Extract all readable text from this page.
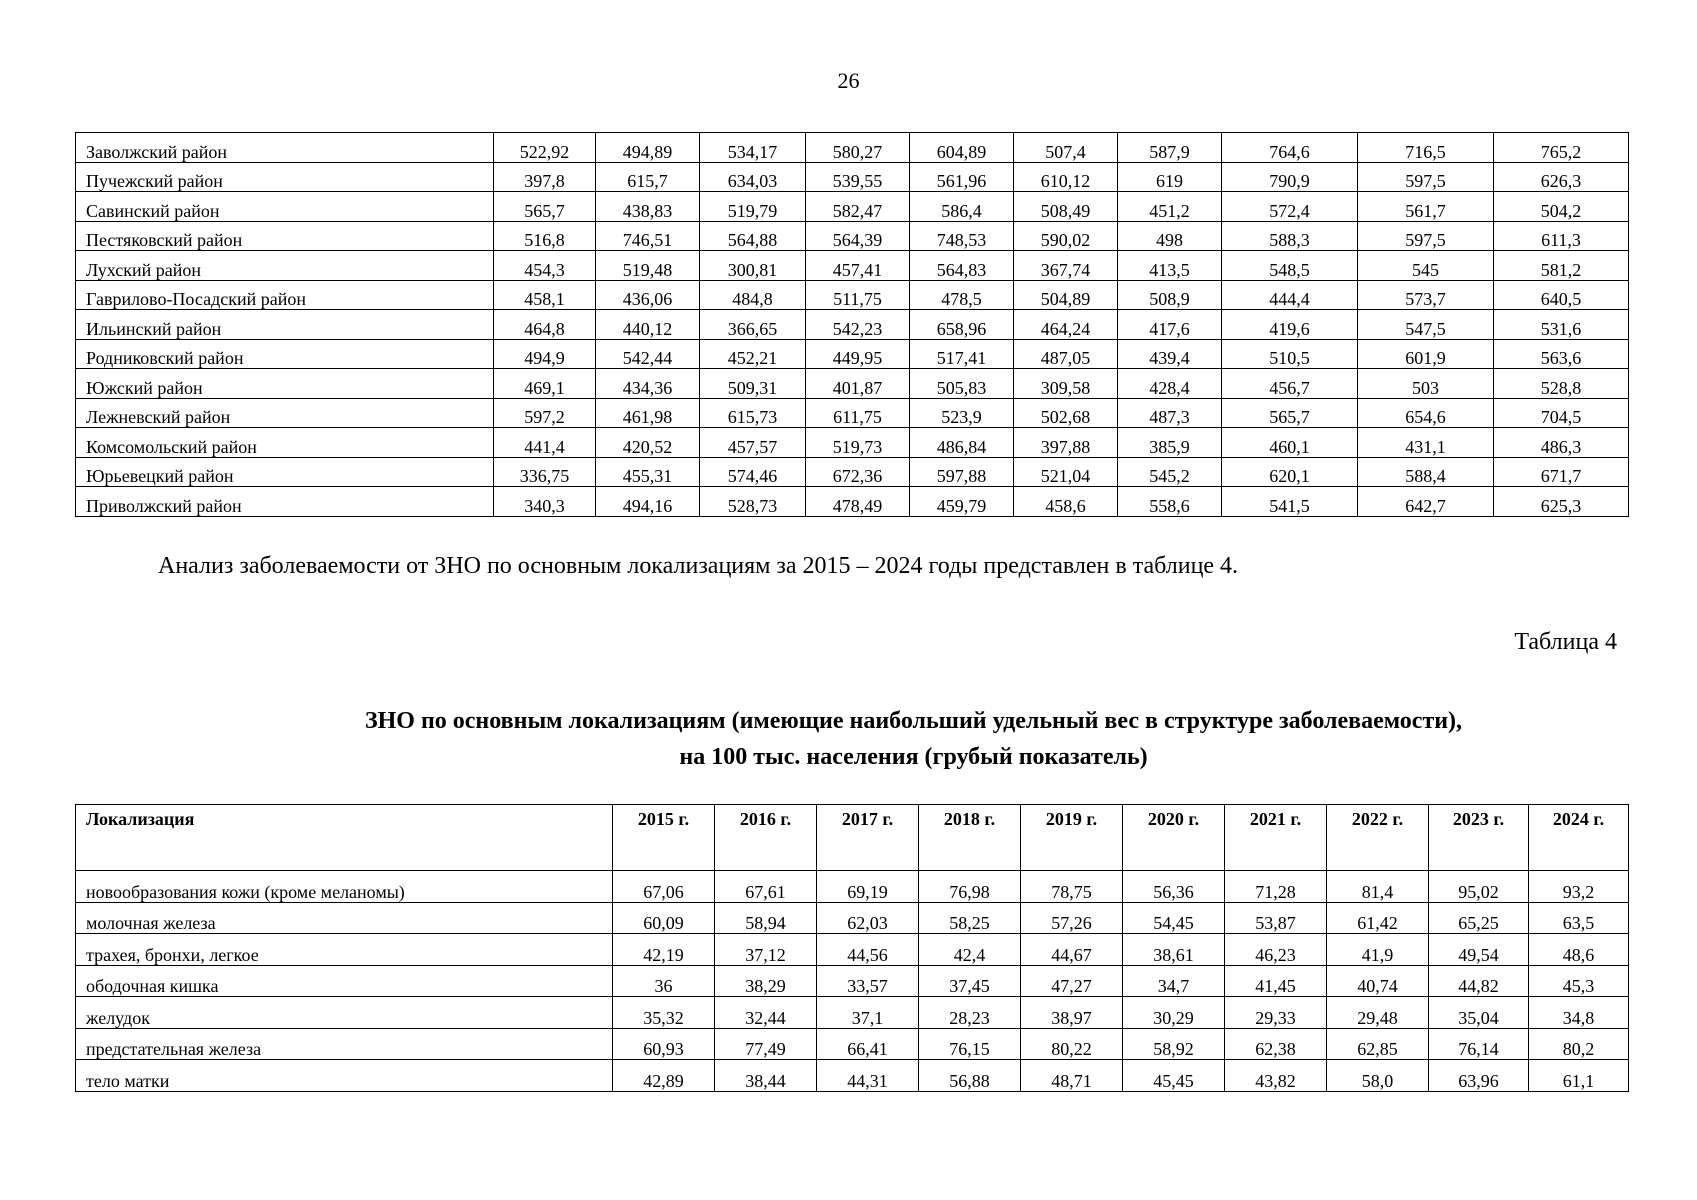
26
Заволжский район	522,92	494,89	534,17	580,27	604,89	507,4	587,9	764,6	716,5	765,2
Пучежский район	397,8	615,7	634,03	539,55	561,96	610,12	619	790,9	597,5	626,3
Савинский район	565,7	438,83	519,79	582,47	586,4	508,49	451,2	572,4	561,7	504,2
Пестяковский район	516,8	746,51	564,88	564,39	748,53	590,02	498	588,3	597,5	611,3
Лухский район	454,3	519,48	300,81	457,41	564,83	367,74	413,5	548,5	545	581,2
Гаврилово-Посадский район	458,1	436,06	484,8	511,75	478,5	504,89	508,9	444,4	573,7	640,5
Ильинский район	464,8	440,12	366,65	542,23	658,96	464,24	417,6	419,6	547,5	531,6
Родниковский район	494,9	542,44	452,21	449,95	517,41	487,05	439,4	510,5	601,9	563,6
Южский район	469,1	434,36	509,31	401,87	505,83	309,58	428,4	456,7	503	528,8
Лежневский район	597,2	461,98	615,73	611,75	523,9	502,68	487,3	565,7	654,6	704,5
Комсомольский район	441,4	420,52	457,57	519,73	486,84	397,88	385,9	460,1	431,1	486,3
Юрьевецкий район	336,75	455,31	574,46	672,36	597,88	521,04	545,2	620,1	588,4	671,7
Приволжский район	340,3	494,16	528,73	478,49	459,79	458,6	558,6	541,5	642,7	625,3
Анализ заболеваемости от ЗНО по основным локализациям за 2015 – 2024 годы представлен в таблице 4.
Таблица 4
ЗНО по основным локализациям (имеющие наибольший удельный вес в структуре заболеваемости),
на 100 тыс. населения (грубый показатель)
Локализация	2015 г.	2016 г.	2017 г.	2018 г.	2019 г.	2020 г.	2021 г.	2022 г.	2023 г.	2024 г.
новообразования кожи (кроме меланомы)	67,06	67,61	69,19	76,98	78,75	56,36	71,28	81,4	95,02	93,2
молочная железа	60,09	58,94	62,03	58,25	57,26	54,45	53,87	61,42	65,25	63,5
трахея, бронхи, легкое	42,19	37,12	44,56	42,4	44,67	38,61	46,23	41,9	49,54	48,6
ободочная кишка	36	38,29	33,57	37,45	47,27	34,7	41,45	40,74	44,82	45,3
желудок	35,32	32,44	37,1	28,23	38,97	30,29	29,33	29,48	35,04	34,8
предстательная железа	60,93	77,49	66,41	76,15	80,22	58,92	62,38	62,85	76,14	80,2
тело матки	42,89	38,44	44,31	56,88	48,71	45,45	43,82	58,0	63,96	61,1
